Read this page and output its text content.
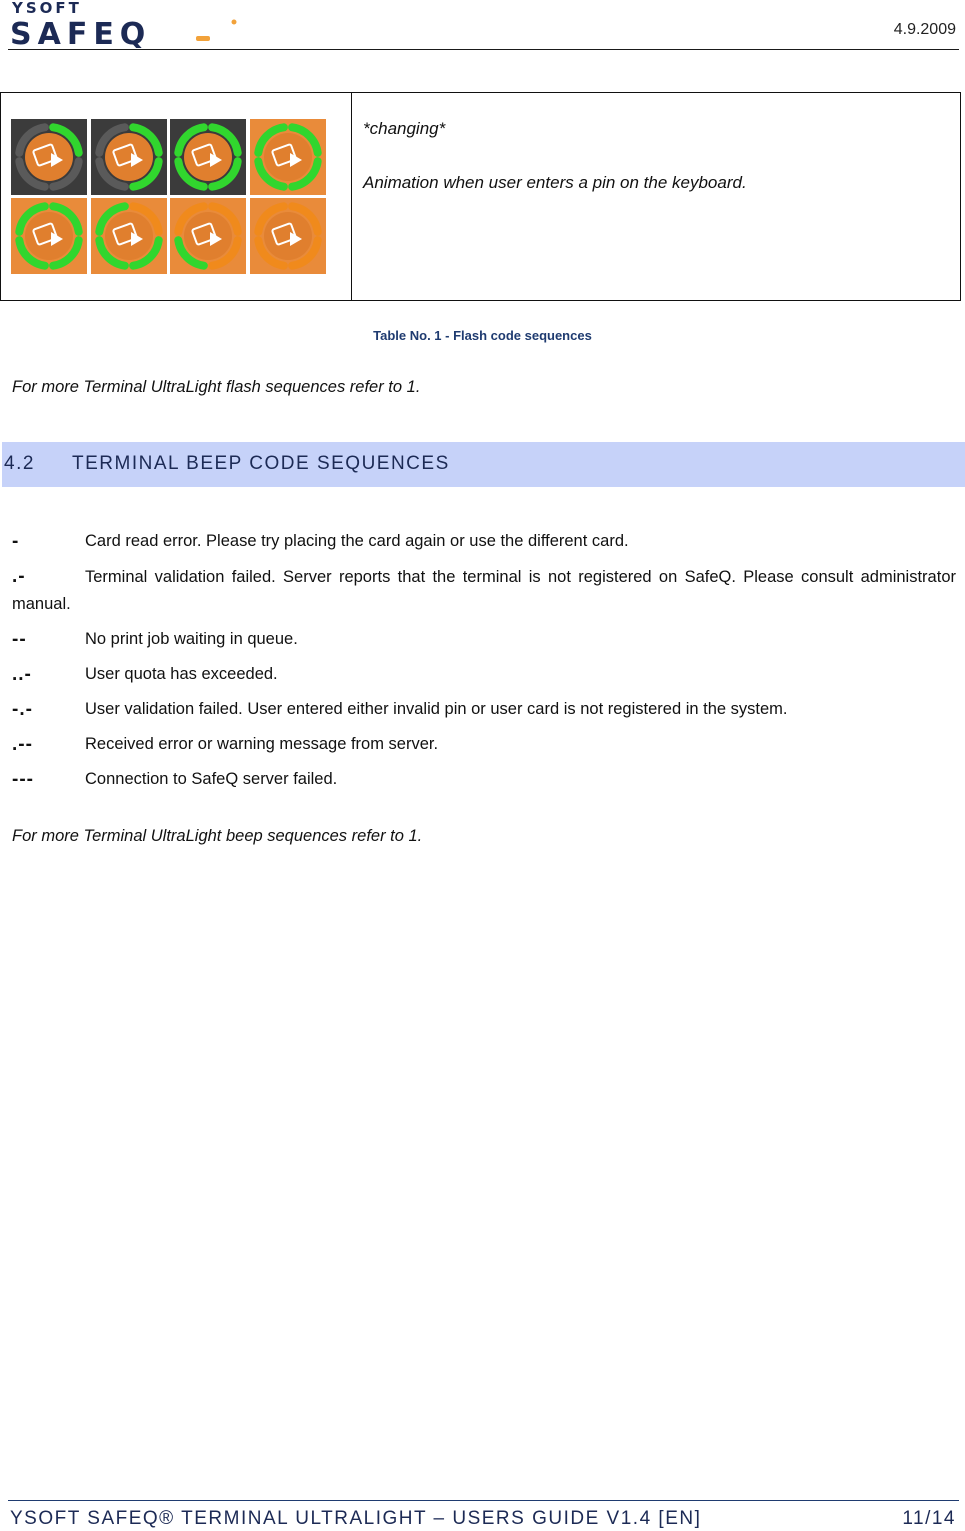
YSOFT
SAFEQ	4.9.2009

*changing*

Animation when user enters a pin on the keyboard.

Table No. 1 - Flash code sequences
For more Terminal UltraLight flash sequences refer to 1.
4.2 TERMINAL BEEP CODE SEQUENCES
-	Card read error. Please try placing the card again or use the different card.
.-	Terminal validation failed. Server reports that the terminal is not registered on SafeQ. Please consult administrator manual.
--	No print job waiting in queue.
..-	User quota has exceeded.
-.-	User validation failed. User entered either invalid pin or user card is not registered in the system.
.--	Received error or warning message from server.
---	Connection to SafeQ server failed.
For more Terminal UltraLight beep sequences refer to 1.
YSOFT SAFEQ® TERMINAL ULTRALIGHT – USERS GUIDE V1.4 [EN]	11/14
